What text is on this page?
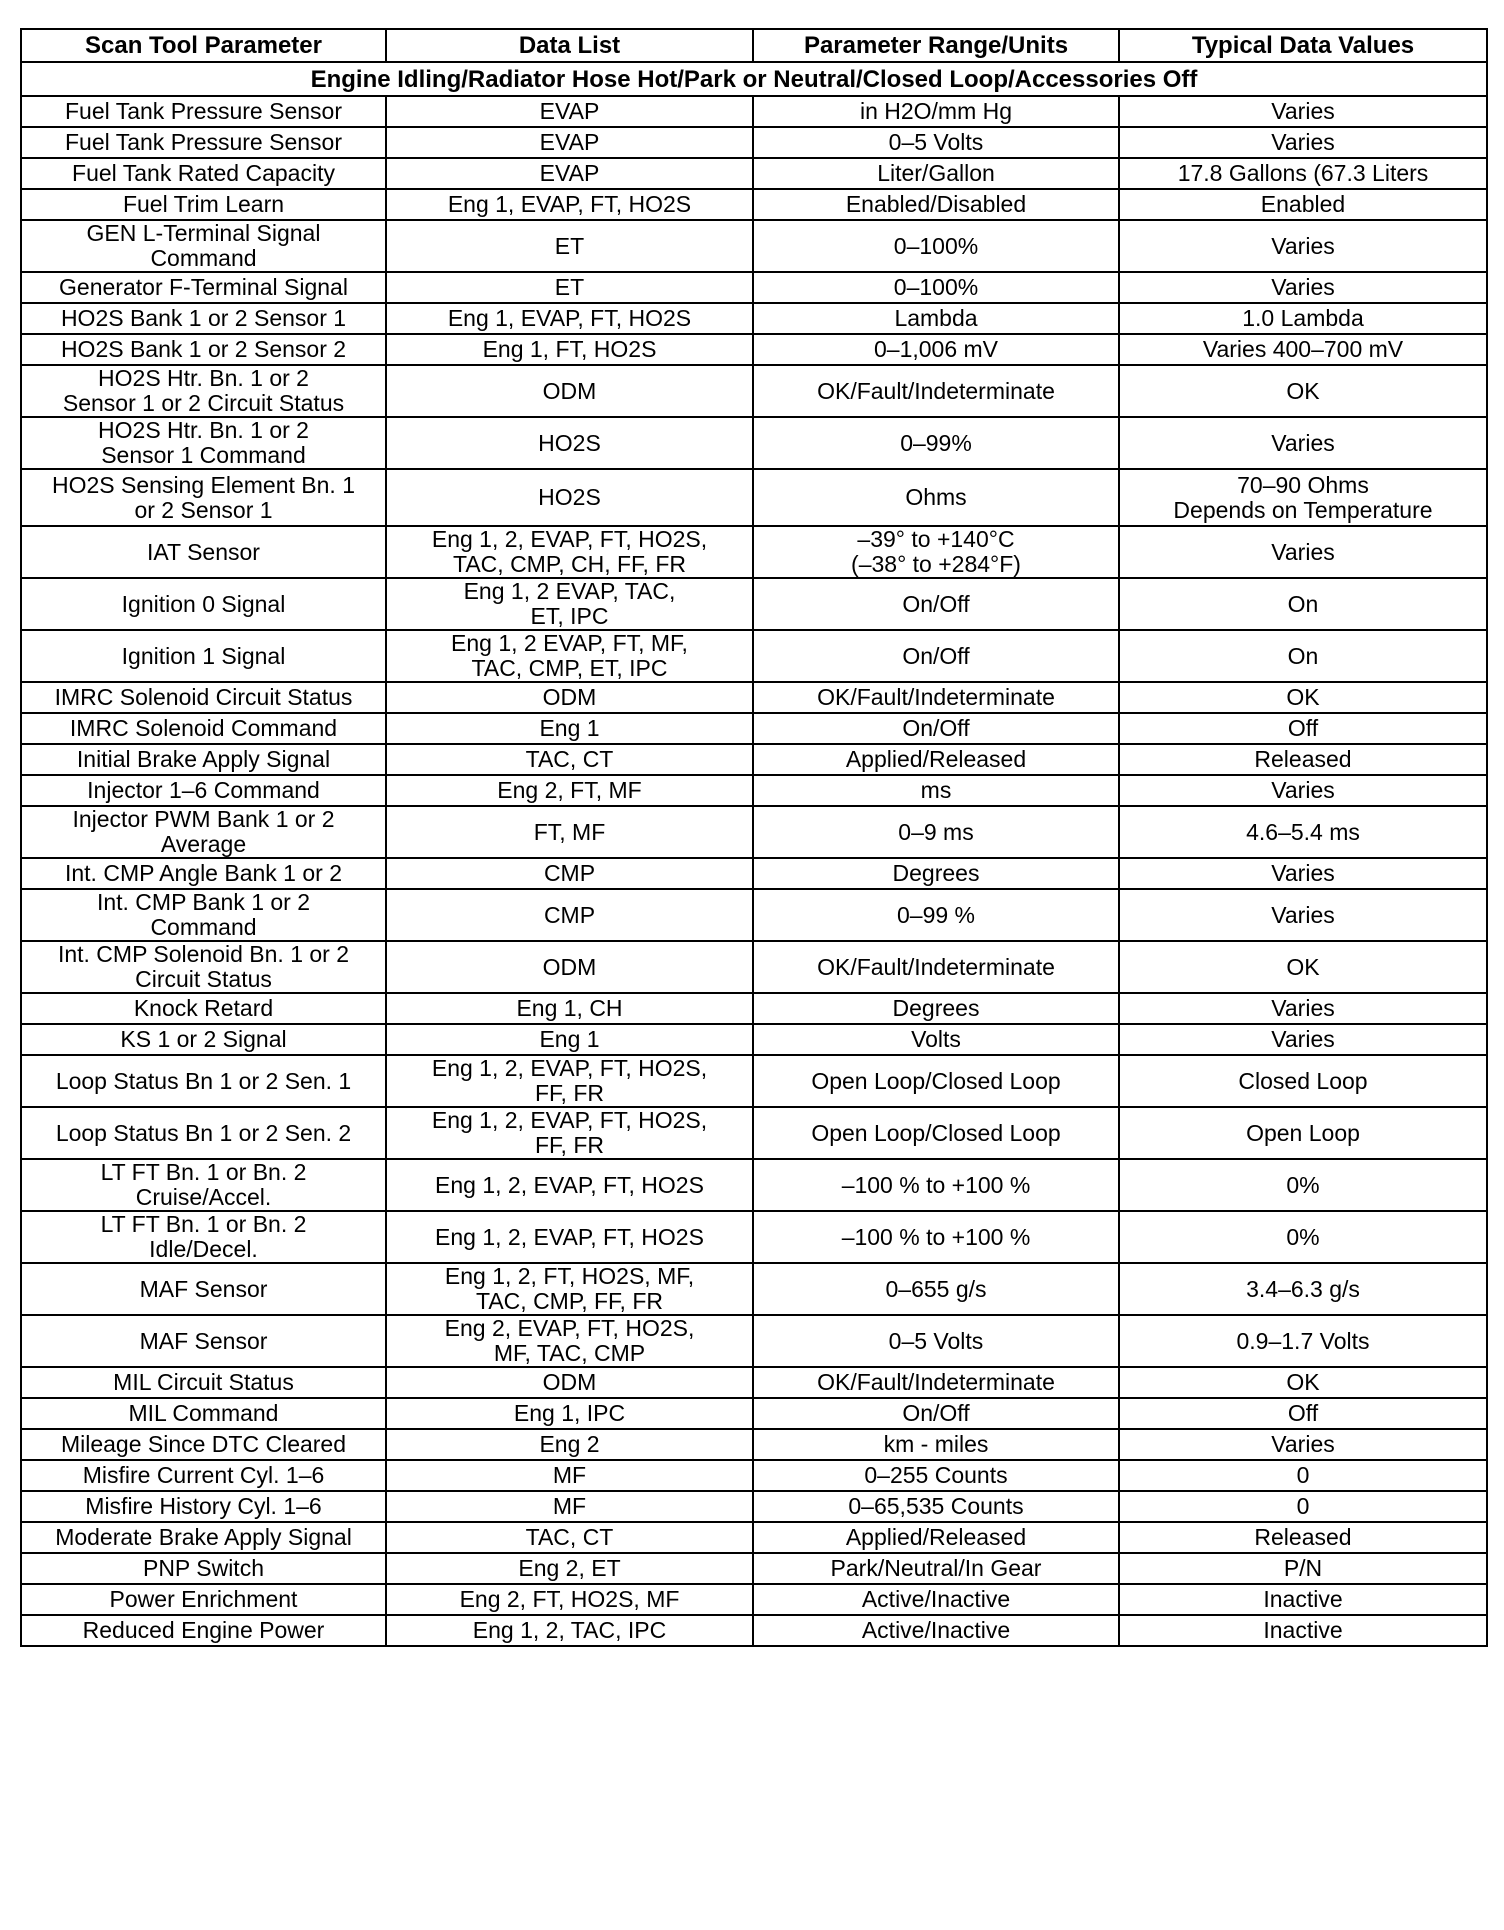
Scan Tool Parameter	Data List	Parameter Range/Units	Typical Data Values
Engine Idling/Radiator Hose Hot/Park or Neutral/Closed Loop/Accessories Off			

Fuel Tank Pressure Sensor	EVAP	in H2O/mm Hg	Varies

Fuel Tank Pressure Sensor	EVAP	0–5 Volts	Varies

Fuel Tank Rated Capacity	EVAP	Liter/Gallon	17.8 Gallons (67.3 Liters

Fuel Trim Learn	Eng 1, EVAP, FT, HO2S	Enabled/Disabled	Enabled

GEN L-Terminal Signal
Command	ET	0–100%	Varies

Generator F-Terminal Signal	ET	0–100%	Varies

HO2S Bank 1 or 2 Sensor 1	Eng 1, EVAP, FT, HO2S	Lambda	1.0 Lambda

HO2S Bank 1 or 2 Sensor 2	Eng 1, FT, HO2S	0–1,006 mV	Varies 400–700 mV

HO2S Htr. Bn. 1 or 2
Sensor 1 or 2 Circuit Status	ODM	OK/Fault/Indeterminate	OK

HO2S Htr. Bn. 1 or 2
Sensor 1 Command	HO2S	0–99%	Varies

HO2S Sensing Element Bn. 1
or 2 Sensor 1	HO2S	Ohms	70–90 Ohms
Depends on Temperature

IAT Sensor	Eng 1, 2, EVAP, FT, HO2S,
TAC, CMP, CH, FF, FR	–39° to +140°C
(–38° to +284°F)	Varies

Ignition 0 Signal	Eng 1, 2 EVAP, TAC,
ET, IPC	On/Off	On

Ignition 1 Signal	Eng 1, 2 EVAP, FT, MF,
TAC, CMP, ET, IPC	On/Off	On

IMRC Solenoid Circuit Status	ODM	OK/Fault/Indeterminate	OK

IMRC Solenoid Command	Eng 1	On/Off	Off

Initial Brake Apply Signal	TAC, CT	Applied/Released	Released

Injector 1–6 Command	Eng 2, FT, MF	ms	Varies

Injector PWM Bank 1 or 2
Average	FT, MF	0–9 ms	4.6–5.4 ms

Int. CMP Angle Bank 1 or 2	CMP	Degrees	Varies

Int. CMP Bank 1 or 2
Command	CMP	0–99 %	Varies

Int. CMP Solenoid Bn. 1 or 2
Circuit Status	ODM	OK/Fault/Indeterminate	OK

Knock Retard	Eng 1, CH	Degrees	Varies

KS 1 or 2 Signal	Eng 1	Volts	Varies

Loop Status Bn 1 or 2 Sen. 1	Eng 1, 2, EVAP, FT, HO2S,
FF, FR	Open Loop/Closed Loop	Closed Loop

Loop Status Bn 1 or 2 Sen. 2	Eng 1, 2, EVAP, FT, HO2S,
FF, FR	Open Loop/Closed Loop	Open Loop

LT FT Bn. 1 or Bn. 2
Cruise/Accel.	Eng 1, 2, EVAP, FT, HO2S	–100 % to +100 %	0%

LT FT Bn. 1 or Bn. 2
Idle/Decel.	Eng 1, 2, EVAP, FT, HO2S	–100 % to +100 %	0%

MAF Sensor	Eng 1, 2, FT, HO2S, MF,
TAC, CMP, FF, FR	0–655 g/s	3.4–6.3 g/s

MAF Sensor	Eng 2, EVAP, FT, HO2S,
MF, TAC, CMP	0–5 Volts	0.9–1.7 Volts

MIL Circuit Status	ODM	OK/Fault/Indeterminate	OK

MIL Command	Eng 1, IPC	On/Off	Off

Mileage Since DTC Cleared	Eng 2	km - miles	Varies

Misfire Current Cyl. 1–6	MF	0–255 Counts	0

Misfire History Cyl. 1–6	MF	0–65,535 Counts	0

Moderate Brake Apply Signal	TAC, CT	Applied/Released	Released

PNP Switch	Eng 2, ET	Park/Neutral/In Gear	P/N

Power Enrichment	Eng 2, FT, HO2S, MF	Active/Inactive	Inactive

Reduced Engine Power	Eng 1, 2, TAC, IPC	Active/Inactive	Inactive
